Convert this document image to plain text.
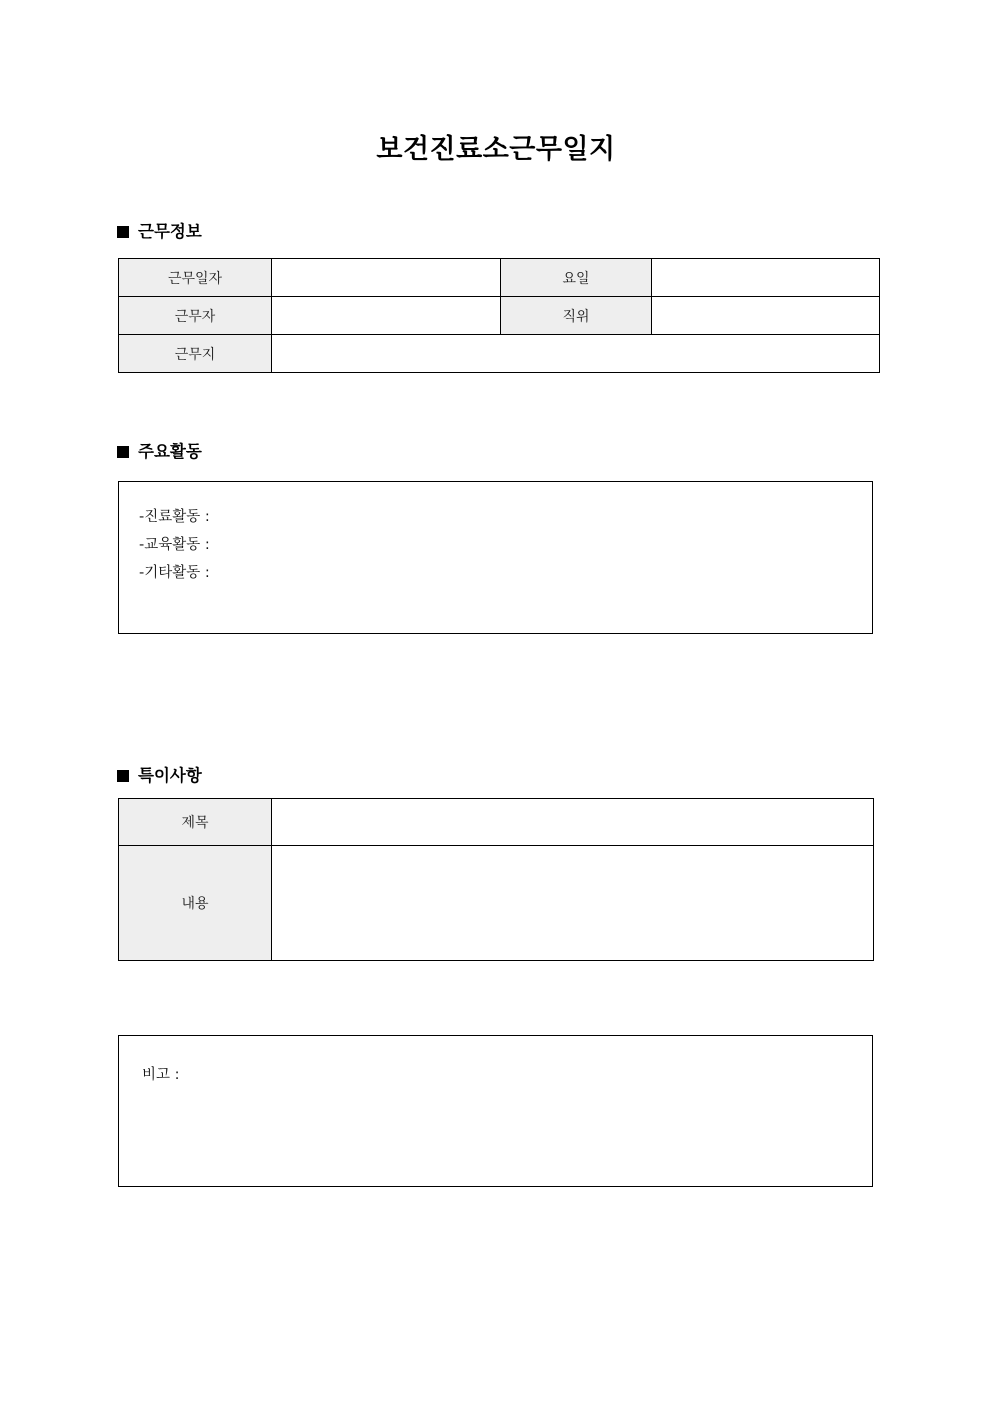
보건진료소근무일지
근무정보
근무일자		요일	
근무자		직위	
근무지			
주요활동
-진료활동 :
-교육활동 :
-기타활동 :
특이사항
제목	
내용	
비고 :
